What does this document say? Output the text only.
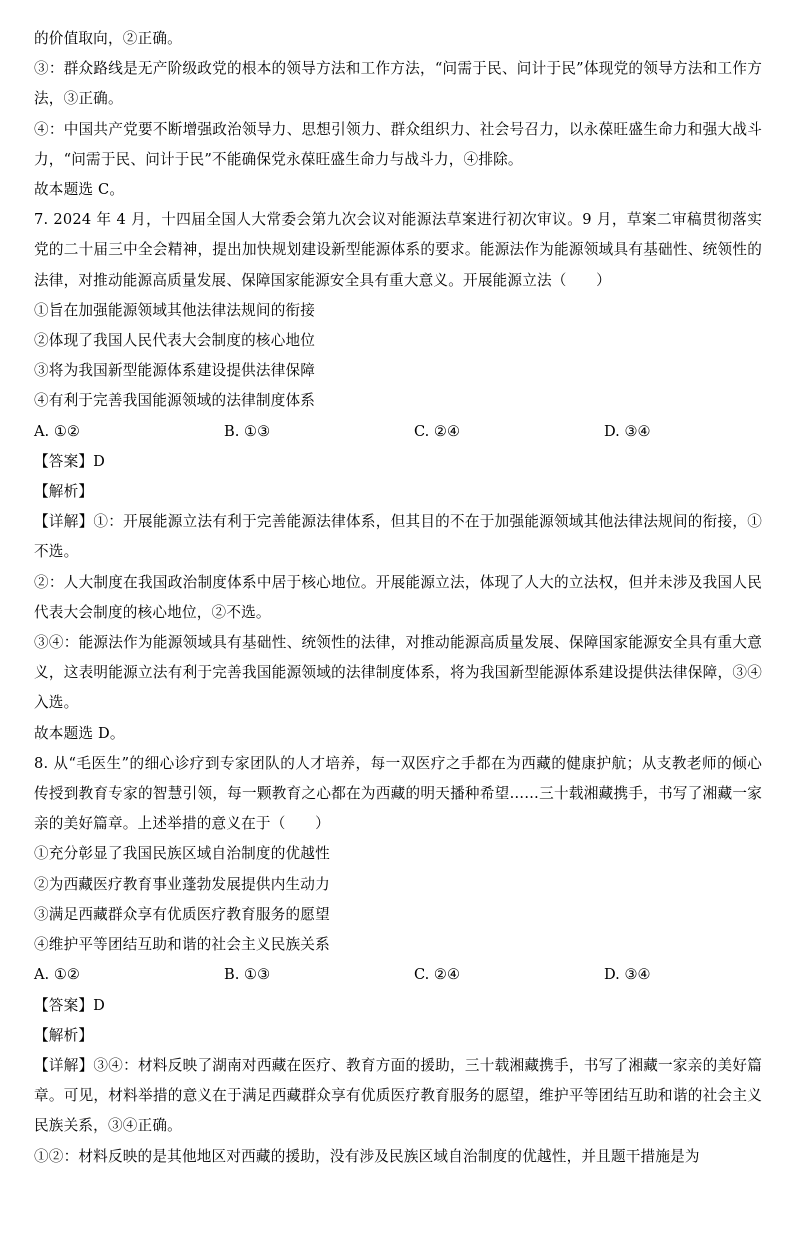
的价值取向，②正确。

③：群众路线是无产阶级政党的根本的领导方法和工作方法，“问需于民、问计于民”体现党的领导方法和工作方法，③正确。

④：中国共产党要不断增强政治领导力、思想引领力、群众组织力、社会号召力，以永葆旺盛生命力和强大战斗力，“问需于民、问计于民”不能确保党永葆旺盛生命力与战斗力，④排除。

故本题选 C。

7. 2024 年 4 月，十四届全国人大常委会第九次会议对能源法草案进行初次审议。9 月，草案二审稿贯彻落实党的二十届三中全会精神，提出加快规划建设新型能源体系的要求。能源法作为能源领域具有基础性、统领性的法律，对推动能源高质量发展、保障国家能源安全具有重大意义。开展能源立法（　　）

①旨在加强能源领域其他法律法规间的衔接

②体现了我国人民代表大会制度的核心地位

③将为我国新型能源体系建设提供法律保障

④有利于完善我国能源领域的法律制度体系

A. ①②	B. ①③	C. ②④	D. ③④

【答案】D

【解析】

【详解】①：开展能源立法有利于完善能源法律体系，但其目的不在于加强能源领域其他法律法规间的衔接，①不选。

②：人大制度在我国政治制度体系中居于核心地位。开展能源立法，体现了人大的立法权，但并未涉及我国人民代表大会制度的核心地位，②不选。

③④：能源法作为能源领域具有基础性、统领性的法律，对推动能源高质量发展、保障国家能源安全具有重大意义，这表明能源立法有利于完善我国能源领域的法律制度体系，将为我国新型能源体系建设提供法律保障，③④入选。

故本题选 D。

8. 从“毛医生”的细心诊疗到专家团队的人才培养，每一双医疗之手都在为西藏的健康护航；从支教老师的倾心传授到教育专家的智慧引领，每一颗教育之心都在为西藏的明天播种希望……三十载湘藏携手，书写了湘藏一家亲的美好篇章。上述举措的意义在于（　　）

①充分彰显了我国民族区域自治制度的优越性

②为西藏医疗教育事业蓬勃发展提供内生动力

③满足西藏群众享有优质医疗教育服务的愿望

④维护平等团结互助和谐的社会主义民族关系

A. ①②	B. ①③	C. ②④	D. ③④

【答案】D

【解析】

【详解】③④：材料反映了湖南对西藏在医疗、教育方面的援助，三十载湘藏携手，书写了湘藏一家亲的美好篇章。可见，材料举措的意义在于满足西藏群众享有优质医疗教育服务的愿望，维护平等团结互助和谐的社会主义民族关系，③④正确。

①②：材料反映的是其他地区对西藏的援助，没有涉及民族区域自治制度的优越性，并且题干措施是为
